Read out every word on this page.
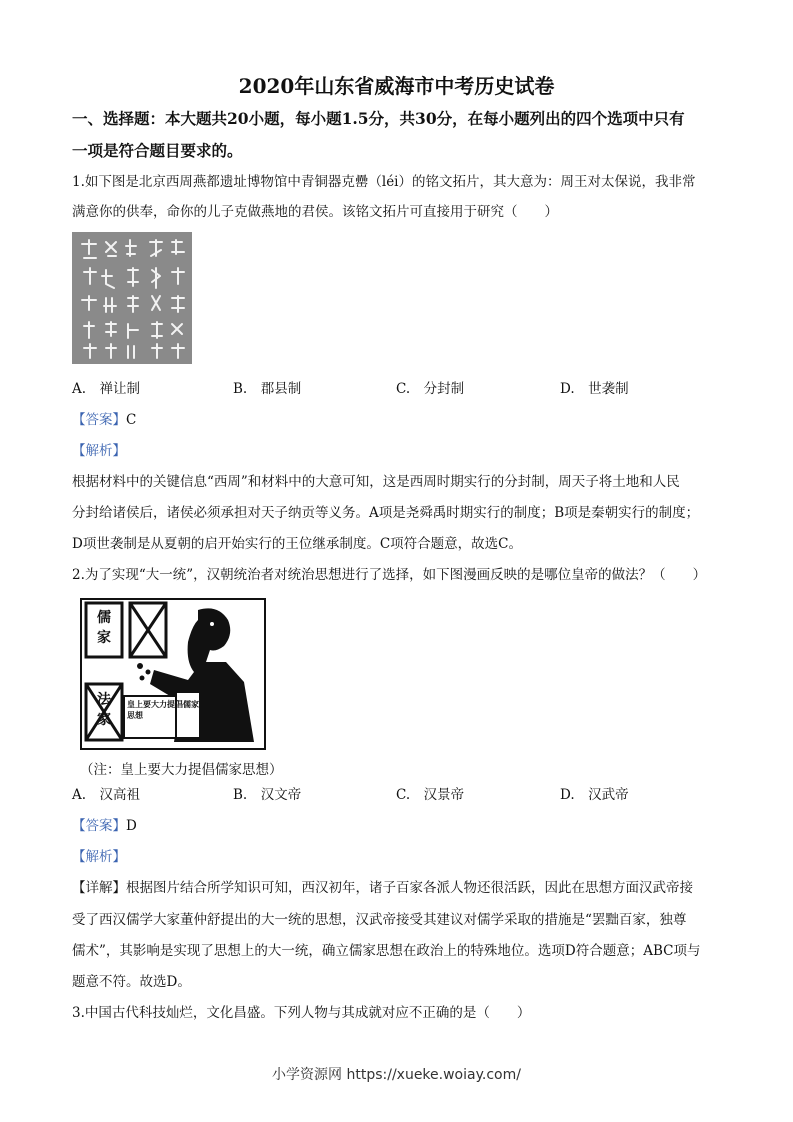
2020年山东省威海市中考历史试卷
一、选择题：本大题共20小题，每小题1.5分，共30分，在每小题列出的四个选项中只有
一项是符合题目要求的。
1.如下图是北京西周燕都遗址博物馆中青铜器克罍（léi）的铭文拓片，其大意为：周王对太保说，我非常
满意你的供奉，命你的儿子克做燕地的君侯。该铭文拓片可直接用于研究（　　）
A.　禅让制	B.　郡县制	C.　分封制	D.　世袭制
【答案】C
【解析】
根据材料中的关键信息“西周”和材料中的大意可知，这是西周时期实行的分封制，周天子将土地和人民
分封给诸侯后，诸侯必须承担对天子纳贡等义务。A项是尧舜禹时期实行的制度；B项是秦朝实行的制度；
D项世袭制是从夏朝的启开始实行的王位继承制度。C项符合题意，故选C。
2.为了实现“大一统”，汉朝统治者对统治思想进行了选择，如下图漫画反映的是哪位皇帝的做法？（　　）
儒
家
法
家
皇上要大力提倡儒家思想
（注：皇上要大力提倡儒家思想）
A.　汉高祖	B.　汉文帝	C.　汉景帝	D.　汉武帝
【答案】D
【解析】
【详解】根据图片结合所学知识可知，西汉初年，诸子百家各派人物还很活跃，因此在思想方面汉武帝接
受了西汉儒学大家董仲舒提出的大一统的思想，汉武帝接受其建议对儒学采取的措施是“罢黜百家，独尊
儒术”，其影响是实现了思想上的大一统，确立儒家思想在政治上的特殊地位。选项D符合题意；ABC项与
题意不符。故选D。
3.中国古代科技灿烂，文化昌盛。下列人物与其成就对应不正确的是（　　）
小学资源网 https://xueke.woiay.com/
